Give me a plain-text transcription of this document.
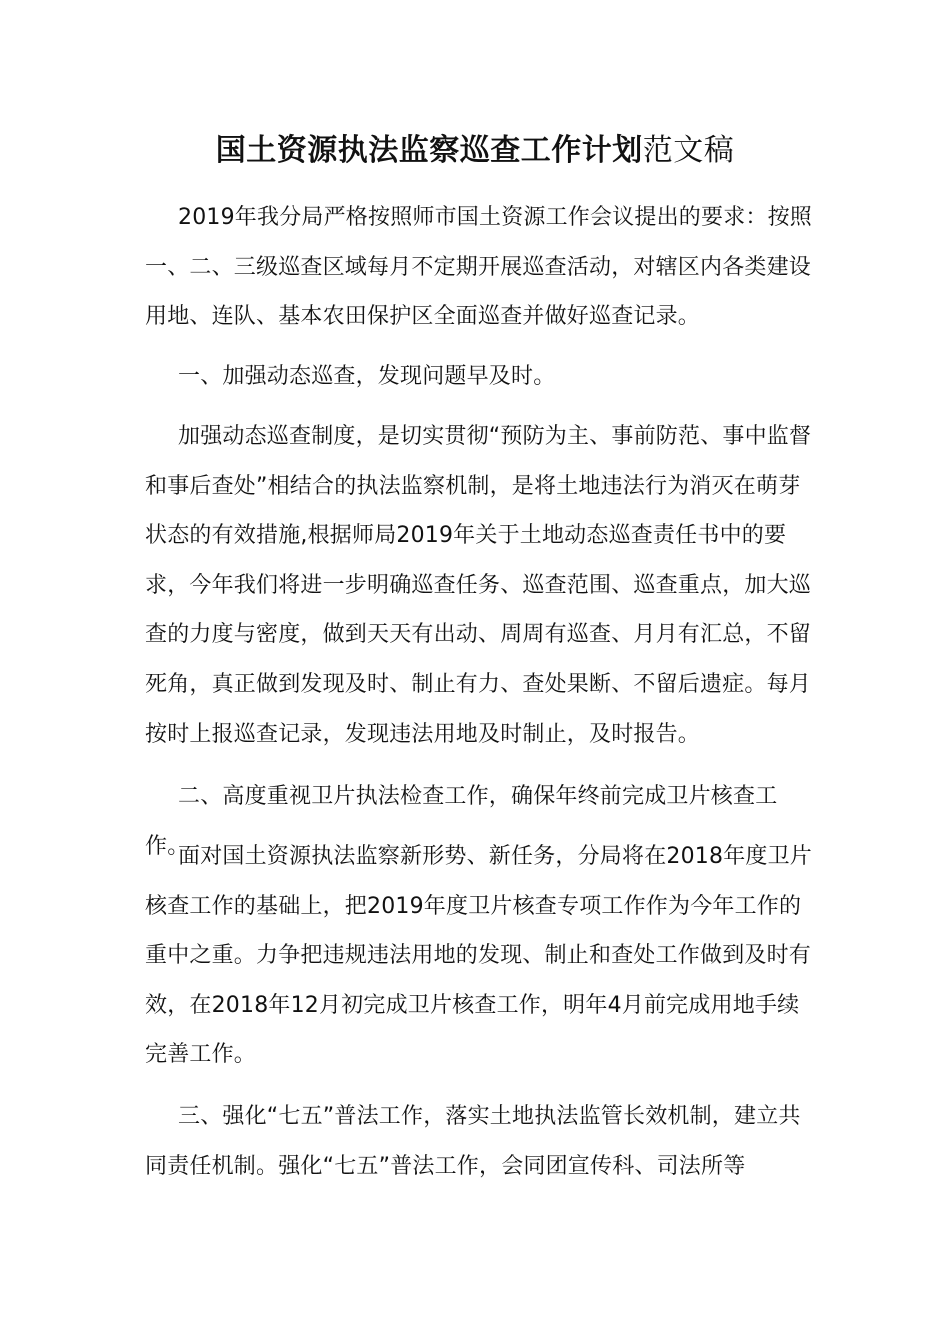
国土资源执法监察巡查工作计划范文稿
2019年我分局严格按照师市国土资源工作会议提出的要求：按照一、二、三级巡查区域每月不定期开展巡查活动，对辖区内各类建设用地、连队、基本农田保护区全面巡查并做好巡查记录。
一、加强动态巡查，发现问题早及时。
加强动态巡查制度，是切实贯彻“预防为主、事前防范、事中监督和事后查处”相结合的执法监察机制，是将土地违法行为消灭在萌芽状态的有效措施,根据师局2019年关于土地动态巡查责任书中的要求，今年我们将进一步明确巡查任务、巡查范围、巡查重点，加大巡查的力度与密度，做到天天有出动、周周有巡查、月月有汇总，不留死角，真正做到发现及时、制止有力、查处果断、不留后遗症。每月按时上报巡查记录，发现违法用地及时制止，及时报告。
二、高度重视卫片执法检查工作，确保年终前完成卫片核查工作。
面对国土资源执法监察新形势、新任务，分局将在2018年度卫片核查工作的基础上，把2019年度卫片核查专项工作作为今年工作的重中之重。力争把违规违法用地的发现、制止和查处工作做到及时有效，在2018年12月初完成卫片核查工作，明年4月前完成用地手续完善工作。
三、强化“七五”普法工作，落实土地执法监管长效机制，建立共同责任机制。强化“七五”普法工作，会同团宣传科、司法所等
